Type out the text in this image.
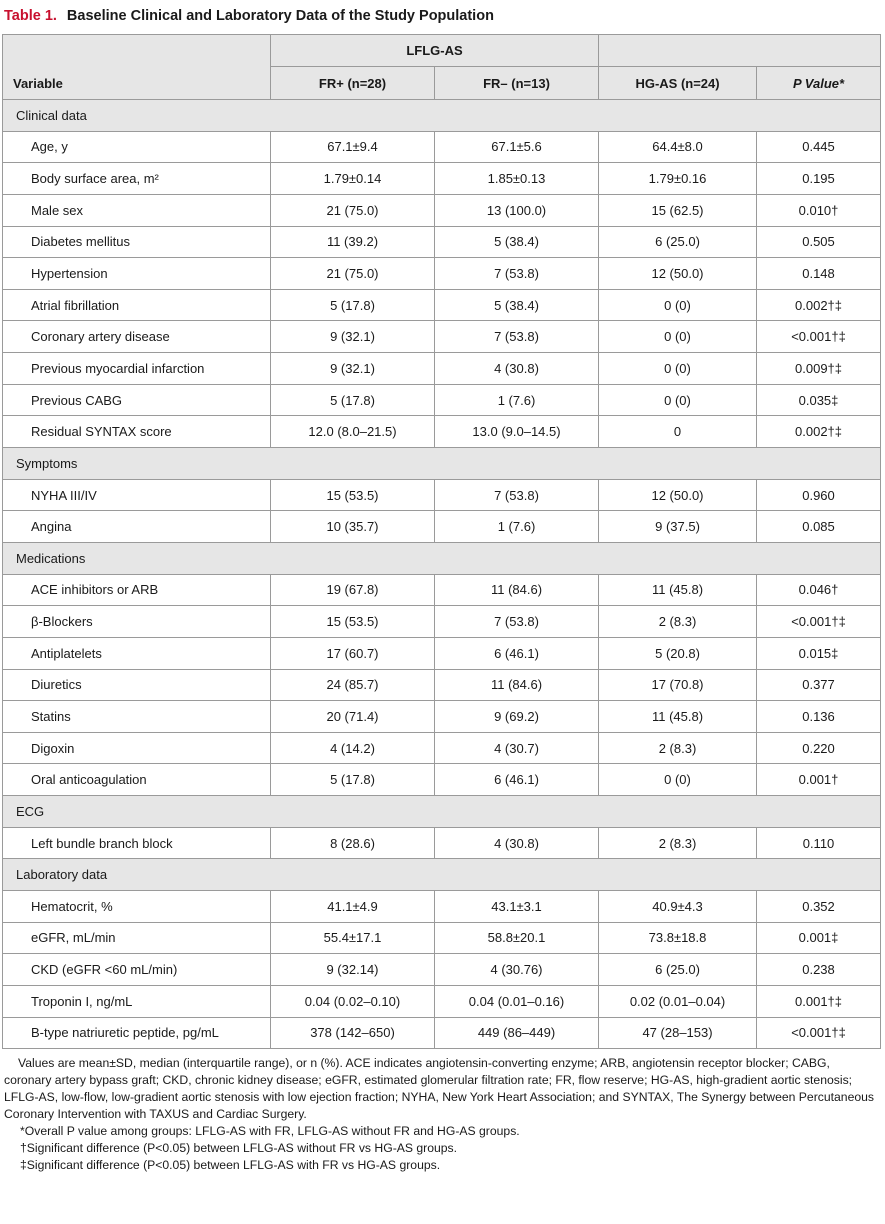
Table 1. Baseline Clinical and Laboratory Data of the Study Population
Variable	LFLG-AS			
	FR+ (n=28)	FR– (n=13)	HG-AS (n=24)	P Value*
Clinical data				
Age, y	67.1±9.4	67.1±5.6	64.4±8.0	0.445
Body surface area, m²	1.79±0.14	1.85±0.13	1.79±0.16	0.195
Male sex	21 (75.0)	13 (100.0)	15 (62.5)	0.010†
Diabetes mellitus	11 (39.2)	5 (38.4)	6 (25.0)	0.505
Hypertension	21 (75.0)	7 (53.8)	12 (50.0)	0.148
Atrial fibrillation	5 (17.8)	5 (38.4)	0 (0)	0.002†‡
Coronary artery disease	9 (32.1)	7 (53.8)	0 (0)	<0.001†‡
Previous myocardial infarction	9 (32.1)	4 (30.8)	0 (0)	0.009†‡
Previous CABG	5 (17.8)	1 (7.6)	0 (0)	0.035‡
Residual SYNTAX score	12.0 (8.0–21.5)	13.0 (9.0–14.5)	0	0.002†‡
Symptoms				
NYHA III/IV	15 (53.5)	7 (53.8)	12 (50.0)	0.960
Angina	10 (35.7)	1 (7.6)	9 (37.5)	0.085
Medications				
ACE inhibitors or ARB	19 (67.8)	11 (84.6)	11 (45.8)	0.046†
β-Blockers	15 (53.5)	7 (53.8)	2 (8.3)	<0.001†‡
Antiplatelets	17 (60.7)	6 (46.1)	5 (20.8)	0.015‡
Diuretics	24 (85.7)	11 (84.6)	17 (70.8)	0.377
Statins	20 (71.4)	9 (69.2)	11 (45.8)	0.136
Digoxin	4 (14.2)	4 (30.7)	2 (8.3)	0.220
Oral anticoagulation	5 (17.8)	6 (46.1)	0 (0)	0.001†
ECG				
Left bundle branch block	8 (28.6)	4 (30.8)	2 (8.3)	0.110
Laboratory data				
Hematocrit, %	41.1±4.9	43.1±3.1	40.9±4.3	0.352
eGFR, mL/min	55.4±17.1	58.8±20.1	73.8±18.8	0.001‡
CKD (eGFR <60 mL/min)	9 (32.14)	4 (30.76)	6 (25.0)	0.238
Troponin I, ng/mL	0.04 (0.02–0.10)	0.04 (0.01–0.16)	0.02 (0.01–0.04)	0.001†‡
B-type natriuretic peptide, pg/mL	378 (142–650)	449 (86–449)	47 (28–153)	<0.001†‡

Values are mean±SD, median (interquartile range), or n (%). ACE indicates angiotensin-converting enzyme; ARB, angiotensin receptor blocker; CABG, coronary artery bypass graft; CKD, chronic kidney disease; eGFR, estimated glomerular filtration rate; FR, flow reserve; HG-AS, high-gradient aortic stenosis; LFLG-AS, low-flow, low-gradient aortic stenosis with low ejection fraction; NYHA, New York Heart Association; and SYNTAX, The Synergy between Percutaneous Coronary Intervention with TAXUS and Cardiac Surgery.

*Overall P value among groups: LFLG-AS with FR, LFLG-AS without FR and HG-AS groups.

†Significant difference (P<0.05) between LFLG-AS without FR vs HG-AS groups.

‡Significant difference (P<0.05) between LFLG-AS with FR vs HG-AS groups.
